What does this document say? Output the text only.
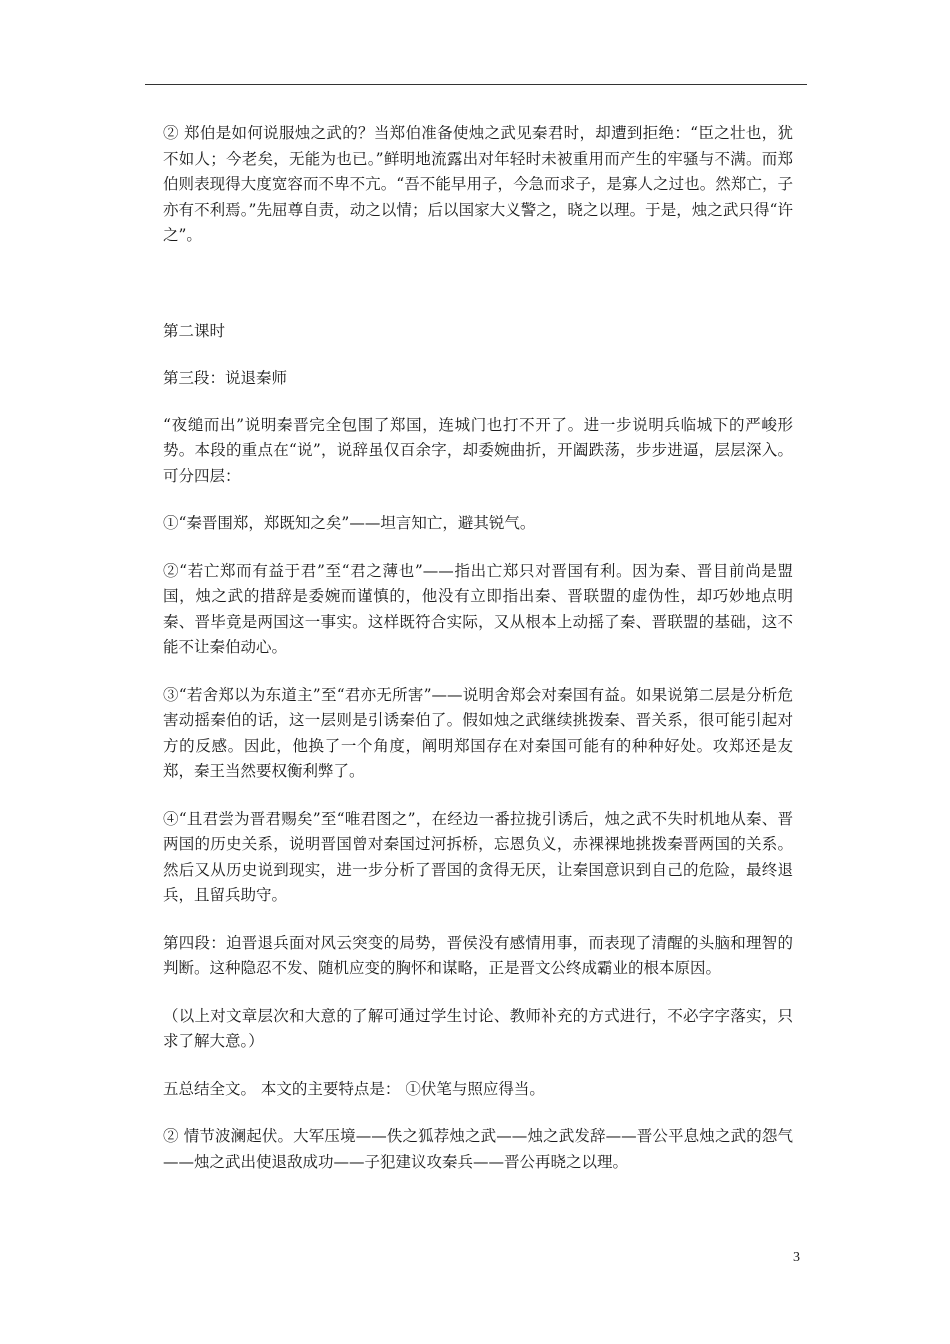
② 郑伯是如何说服烛之武的？当郑伯准备使烛之武见秦君时，却遭到拒绝：“臣之壮也，犹不如人；今老矣，无能为也已。”鲜明地流露出对年轻时未被重用而产生的牢骚与不满。而郑伯则表现得大度宽容而不卑不亢。“吾不能早用子，今急而求子，是寡人之过也。然郑亡，子亦有不利焉。”先屈尊自责，动之以情；后以国家大义警之，晓之以理。于是，烛之武只得“许之”。

第二课时

第三段：说退秦师

“夜缒而出”说明秦晋完全包围了郑国，连城门也打不开了。进一步说明兵临城下的严峻形势。本段的重点在“说”，说辞虽仅百余字，却委婉曲折，开阖跌荡，步步进逼，层层深入。可分四层：

①“秦晋围郑，郑既知之矣”——坦言知亡，避其锐气。

②“若亡郑而有益于君”至“君之薄也”——指出亡郑只对晋国有利。因为秦、晋目前尚是盟国，烛之武的措辞是委婉而谨慎的，他没有立即指出秦、晋联盟的虚伪性，却巧妙地点明秦、晋毕竟是两国这一事实。这样既符合实际，又从根本上动摇了秦、晋联盟的基础，这不能不让秦伯动心。

③“若舍郑以为东道主”至“君亦无所害”——说明舍郑会对秦国有益。如果说第二层是分析危害动摇秦伯的话，这一层则是引诱秦伯了。假如烛之武继续挑拨秦、晋关系，很可能引起对方的反感。因此，他换了一个角度，阐明郑国存在对秦国可能有的种种好处。攻郑还是友郑，秦王当然要权衡利弊了。

④“且君尝为晋君赐矣”至“唯君图之”，在经边一番拉拢引诱后，烛之武不失时机地从秦、晋两国的历史关系，说明晋国曾对秦国过河拆桥，忘恩负义，赤裸裸地挑拨秦晋两国的关系。然后又从历史说到现实，进一步分析了晋国的贪得无厌，让秦国意识到自己的危险，最终退兵，且留兵助守。

第四段：迫晋退兵面对风云突变的局势，晋侯没有感情用事，而表现了清醒的头脑和理智的判断。这种隐忍不发、随机应变的胸怀和谋略，正是晋文公终成霸业的根本原因。

（以上对文章层次和大意的了解可通过学生讨论、教师补充的方式进行，不必字字落实，只求了解大意。）

五总结全文。 本文的主要特点是： ①伏笔与照应得当。

② 情节波澜起伏。大军压境——佚之狐荐烛之武——烛之武发辞——晋公平息烛之武的怨气——烛之武出使退敌成功——子犯建议攻秦兵——晋公再晓之以理。

3
